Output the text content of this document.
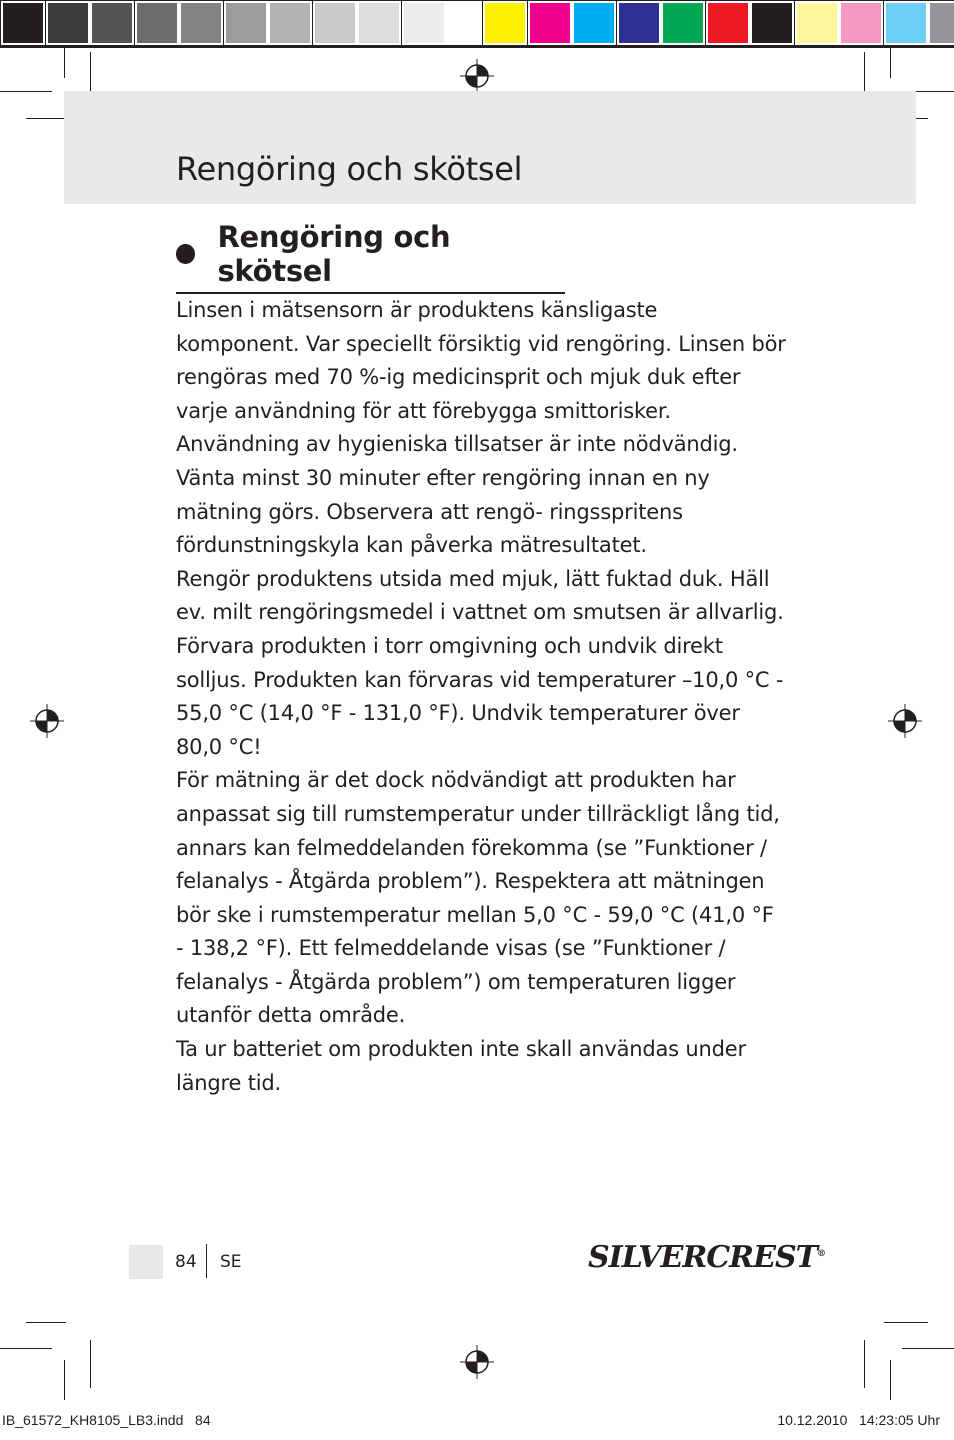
Rengöring och skötsel
Rengöring och skötsel

Linsen i mätsensorn är produktens känsligaste komponent. Var speciellt försiktig vid rengöring. Linsen bör rengöras med 70 %-ig medicinsprit och mjuk duk efter varje användning för att förebygga smittorisker. Användning av hygieniska tillsatser är inte nödvändig. Vänta minst 30 minuter efter rengöring innan en ny mätning görs. Observera att rengö- ringsspritens fördunstningskyla kan påverka mätresultatet.

Rengör produktens utsida med mjuk, lätt fuktad duk. Häll ev. milt rengöringsmedel i vattnet om smutsen är allvarlig.

Förvara produkten i torr omgivning och undvik direkt solljus. Produkten kan förvaras vid temperaturer –10,0 °C - 55,0 °C (14,0 °F - 131,0 °F). Undvik temperaturer över 80,0 °C!

För mätning är det dock nödvändigt att produkten har anpassat sig till rumstemperatur under tillräckligt lång tid, annars kan felmeddelanden förekomma (se ”Funktioner / felanalys - Åtgärda problem”). Respektera att mätningen bör ske i rumstemperatur mellan 5,0 °C - 59,0 °C (41,0 °F - 138,2 °F). Ett felmeddelande visas (se ”Funktioner / felanalys - Åtgärda problem”) om temperaturen ligger utanför detta område.

Ta ur batteriet om produkten inte skall användas under längre tid.

84 SE	SILVERCREST®
IB_61572_KH8105_LB3.indd   84	10.12.2010   14:23:05 Uhr
